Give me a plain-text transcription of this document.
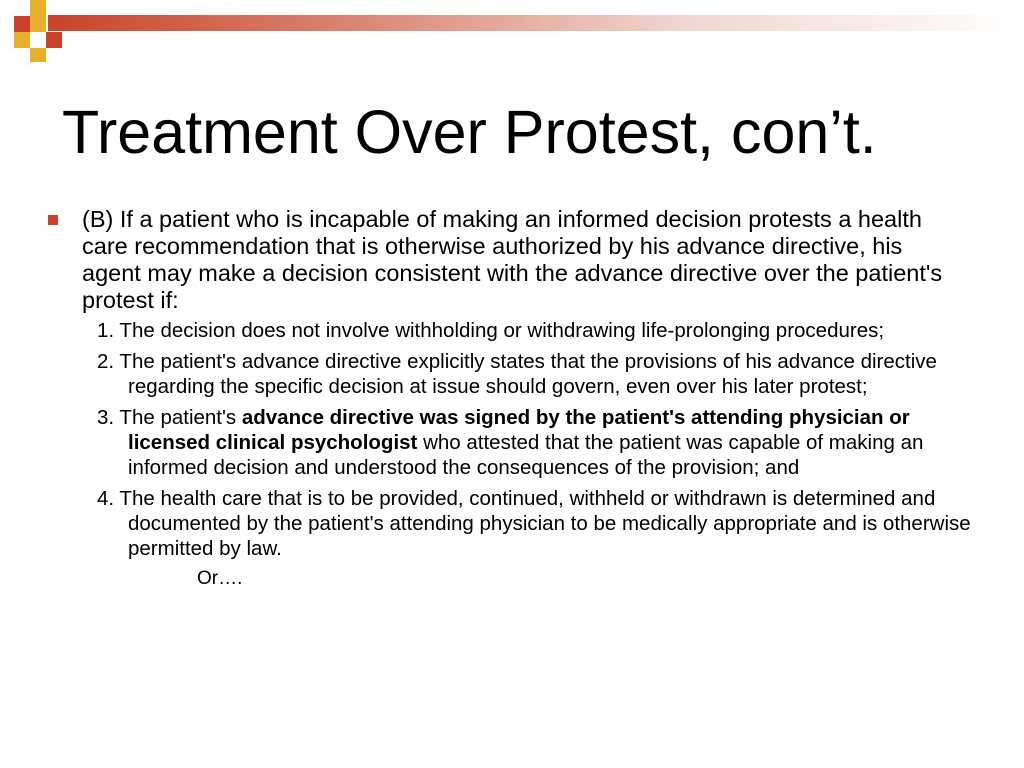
Treatment Over Protest, con’t.
(B) If a patient who is incapable of making an informed decision protests a health care recommendation that is otherwise authorized by his advance directive, his agent may make a decision consistent with the advance directive over the patient's protest if:
1. The decision does not involve withholding or withdrawing life-prolonging procedures;
2. The patient's advance directive explicitly states that the provisions of his advance directive regarding the specific decision at issue should govern, even over his later protest;
3. The patient's advance directive was signed by the patient's attending physician or licensed clinical psychologist who attested that the patient was capable of making an informed decision and understood the consequences of the provision; and
4. The health care that is to be provided, continued, withheld or withdrawn is determined and documented by the patient's attending physician to be medically appropriate and is otherwise permitted by law.
Or….
